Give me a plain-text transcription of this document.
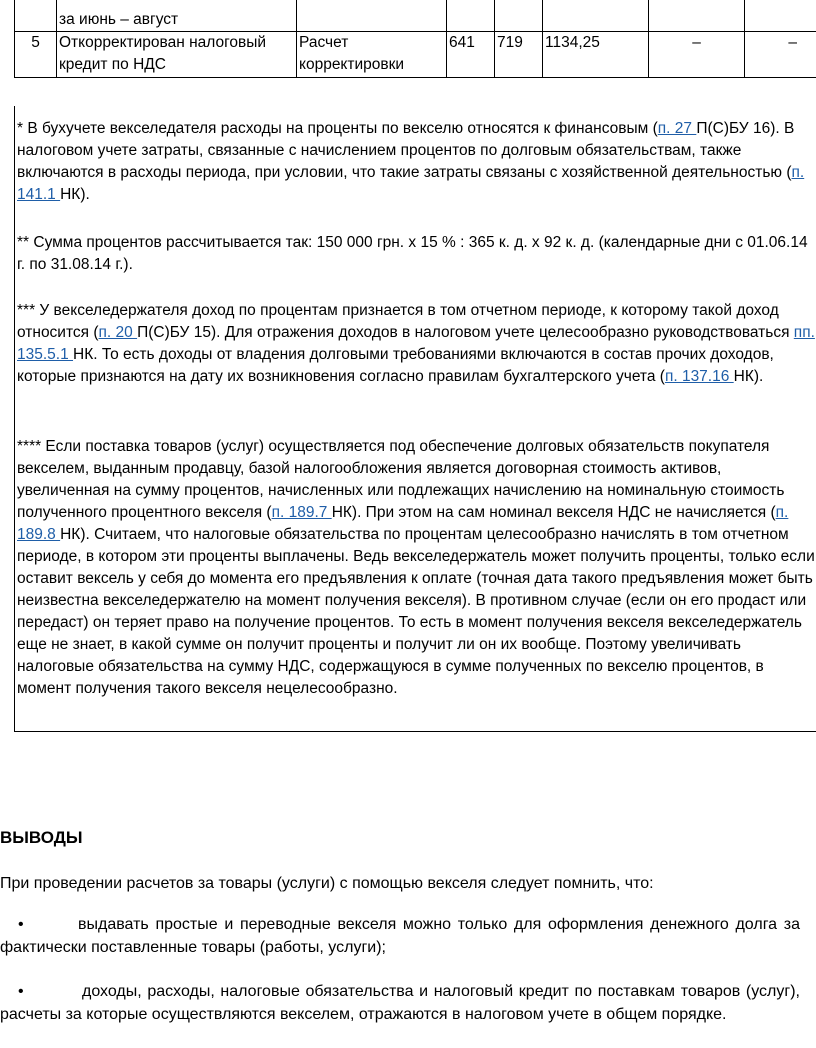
	за июнь – август						
5	Откорректирован налоговый кредит по НДС	Расчет корректировки	641	719	1134,25	–	–

* В бухучете векселедателя расходы на проценты по векселю относятся к финансовым (п. 27 П(С)БУ 16). В налоговом учете затраты, связанные с начислением процентов по долговым обязательствам, также включаются в расходы периода, при условии, что такие затраты связаны с хозяйственной деятельностью (п. 141.1 НК).

** Сумма процентов рассчитывается так: 150 000 грн. х 15 % : 365 к. д. х 92 к. д. (календарные дни с 01.06.14 г. по 31.08.14 г.).

*** У векселедержателя доход по процентам признается в том отчетном периоде, к которому такой доход относится (п. 20 П(С)БУ 15). Для отражения доходов в налоговом учете целесообразно руководствоваться пп. 135.5.1 НК. То есть доходы от владения долговыми требованиями включаются в состав прочих доходов, которые признаются на дату их возникновения согласно правилам бухгалтерского учета (п. 137.16 НК).

**** Если поставка товаров (услуг) осуществляется под обеспечение долговых обязательств покупателя векселем, выданным продавцу, базой налогообложения является договорная стоимость активов, увеличенная на сумму процентов, начисленных или подлежащих начислению на номинальную стоимость полученного процентного векселя (п. 189.7 НК). При этом на сам номинал векселя НДС не начисляется (п. 189.8 НК). Считаем, что налоговые обязательства по процентам целесообразно начислять в том отчетном периоде, в котором эти проценты выплачены. Ведь векселедержатель может получить проценты, только если оставит вексель у себя до момента его предъявления к оплате (точная дата такого предъявления может быть неизвестна векселедержателю на момент получения векселя). В противном случае (если он его продаст или передаст) он теряет право на получение процентов. То есть в момент получения векселя векселедержатель еще не знает, в какой сумме он получит проценты и получит ли он их вообще. Поэтому увеличивать налоговые обязательства на сумму НДС, содержащуюся в сумме полученных по векселю процентов, в момент получения такого векселя нецелесообразно.

ВЫВОДЫ

При проведении расчетов за товары (услуги) с помощью векселя следует помнить, что:

•	выдавать простые и переводные векселя можно только для оформления денежного долга за фактически поставленные товары (работы, услуги);

•	доходы, расходы, налоговые обязательства и налоговый кредит по поставкам товаров (услуг), расчеты за которые осуществляются векселем, отражаются в налоговом учете в общем порядке.
